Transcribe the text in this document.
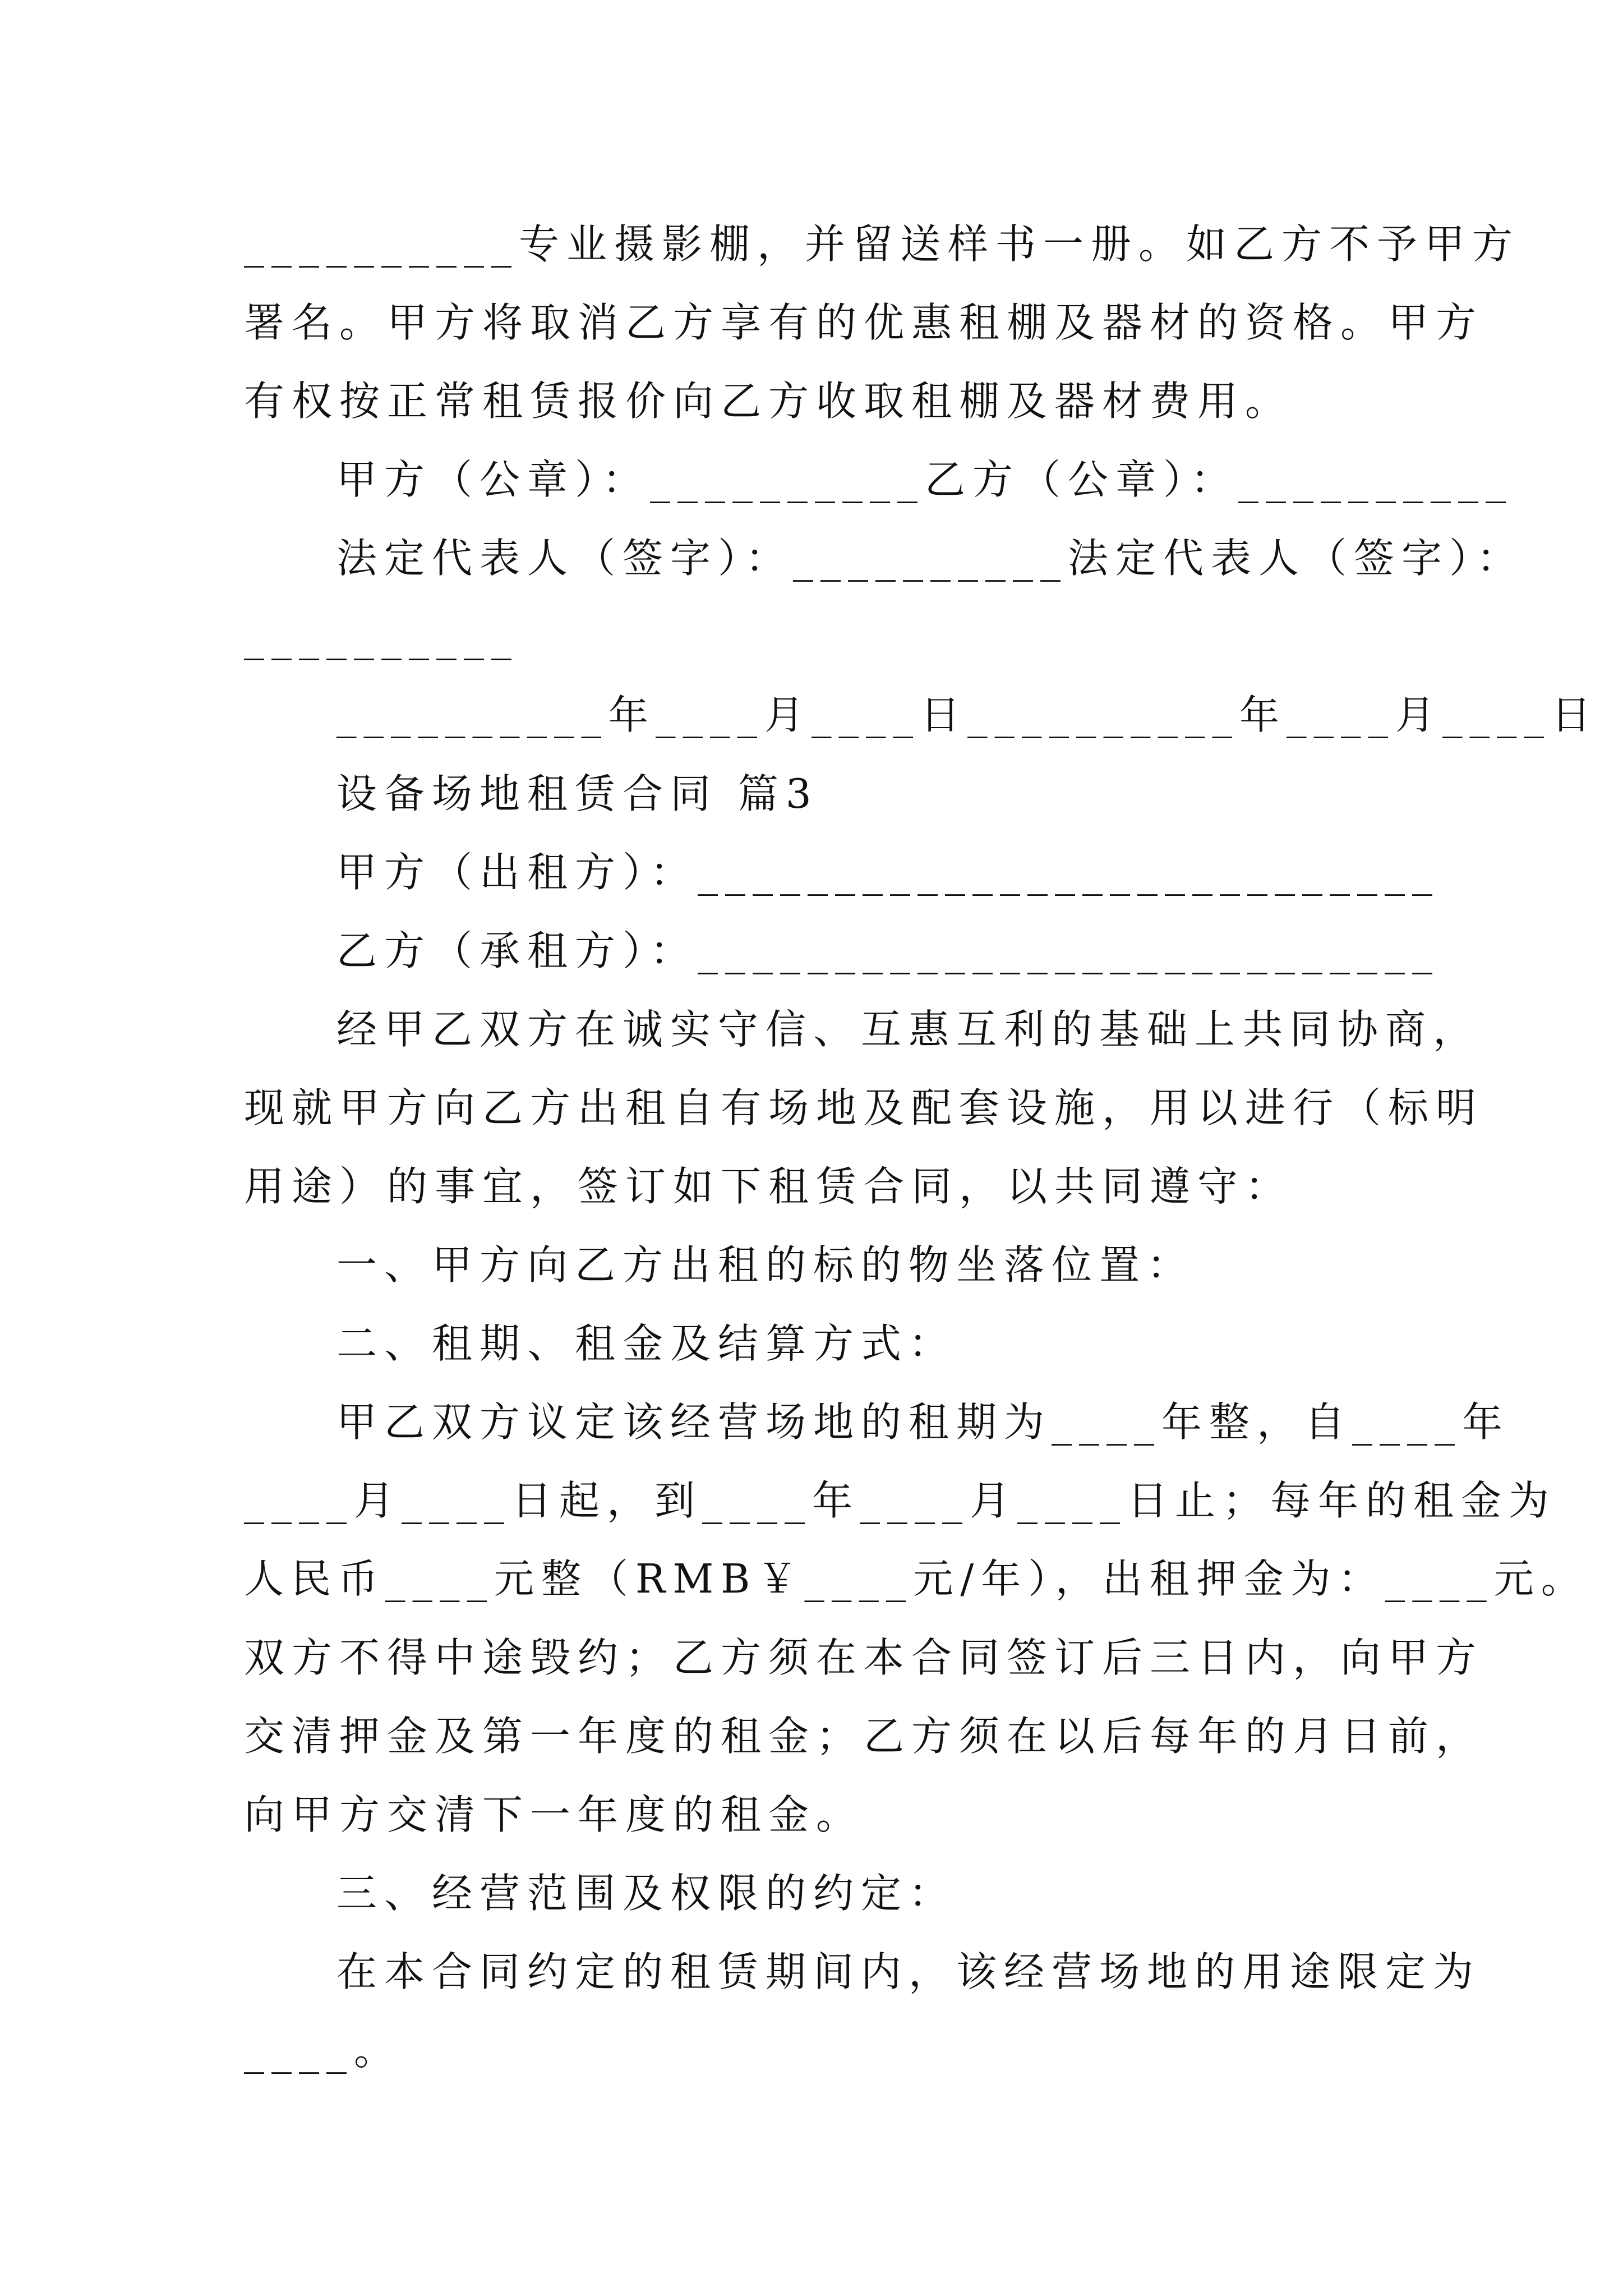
__________专业摄影棚，并留送样书一册。如乙方不予甲方
署名。甲方将取消乙方享有的优惠租棚及器材的资格。甲方
有权按正常租赁报价向乙方收取租棚及器材费用。
甲方（公章）：__________乙方（公章）：__________
法定代表人（签字）：__________法定代表人（签字）：
__________
__________年____月____日__________年____月____日
设备场地租赁合同 篇3
甲方（出租方）：___________________________
乙方（承租方）：___________________________
经甲乙双方在诚实守信、互惠互利的基础上共同协商，
现就甲方向乙方出租自有场地及配套设施，用以进行（标明
用途）的事宜，签订如下租赁合同，以共同遵守：
一、甲方向乙方出租的标的物坐落位置：
二、租期、租金及结算方式：
甲乙双方议定该经营场地的租期为____年整，自____年
____月____日起，到____年____月____日止；每年的租金为
人民币____元整（RMB￥____元/年），出租押金为：____元。
双方不得中途毁约；乙方须在本合同签订后三日内，向甲方
交清押金及第一年度的租金；乙方须在以后每年的月日前，
向甲方交清下一年度的租金。
三、经营范围及权限的约定：
在本合同约定的租赁期间内，该经营场地的用途限定为
____。
